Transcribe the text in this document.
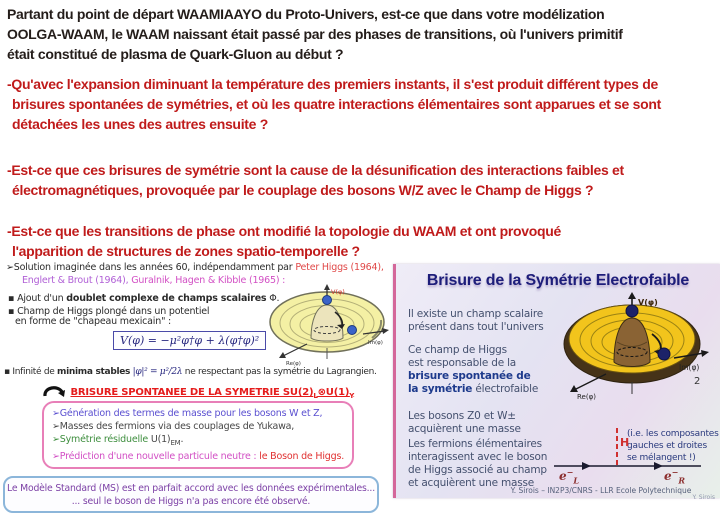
Partant du point de départ WAAMIAAYO du Proto-Univers, est-ce que dans votre modélization
OOLGA-WAAM, le WAAM naissant était passé par des phases de transitions, où l'univers primitif
était constitué de plasma de Quark-Gluon au début ?
-Qu'avec l'expansion diminuant la température des premiers instants, il s'est produit différent types de
brisures spontanées de symétries, et où les quatre interactions élémentaires sont apparues et se sont
détachées les unes des autres ensuite ?
-Est-ce que ces brisures de symétrie sont la cause de la désunification des interactions faibles et
électromagnétiques, provoquée par le couplage des bosons W/Z avec le Champ de Higgs ?
-Est-ce que les transitions de phase ont modifié la topologie du WAAM et ont provoqué
l'apparition de structures de zones spatio-temporelle ?
➢Solution imaginée dans les années 60, indépendamment par Peter Higgs (1964),
Englert & Brout (1964), Guralnik, Hagen & Kibble (1965) :
▪ Ajout d'un doublet complexe de champs scalaires Φ.
▪ Champ de Higgs plongé dans un potentiel
en forme de "chapeau mexicain" :
V(φ) = −μ²φ†φ + λ(φ†φ)²
V(φ)
Im(φ)
Re(φ)
▪ Infinité de minima stables |φ|² = μ²/2λ ne respectant pas la symétrie du Lagrangien.
BRISURE SPONTANEE DE LA SYMETRIE $SU(2)_L\otimes U(1)_Y$
➢Génération des termes de masse pour les bosons W et Z,
➢Masses des fermions via des couplages de Yukawa,
➢Symétrie résiduelle $U(1)_{EM}$.
➢Prédiction d'une nouvelle particule neutre : le Boson de Higgs.
Le Modèle Standard (MS) est en parfait accord avec les données expérimentales...
... seul le boson de Higgs n'a pas encore été observé.
Brisure de la Symétrie Electrofaible
Il existe un champ scalaire
présent dans tout l'univers
Ce champ de Higgs
est responsable de la
brisure spontanée de
la symétrie électrofaible
Les bosons Z0 et W±
acquièrent une masse
Les fermions élémentaires
interagissent avec le boson
de Higgs associé au champ
et acquièrent une masse
V(φ)
Im(φ)
2
Re(φ)
(i.e. les composantes
gauches et droites
se mélangent !)
H
$e^-_L$	$e^-_R$
Y. Sirois – IN2P3/CNRS - LLR Ecole Polytechnique
Y. Sirois
